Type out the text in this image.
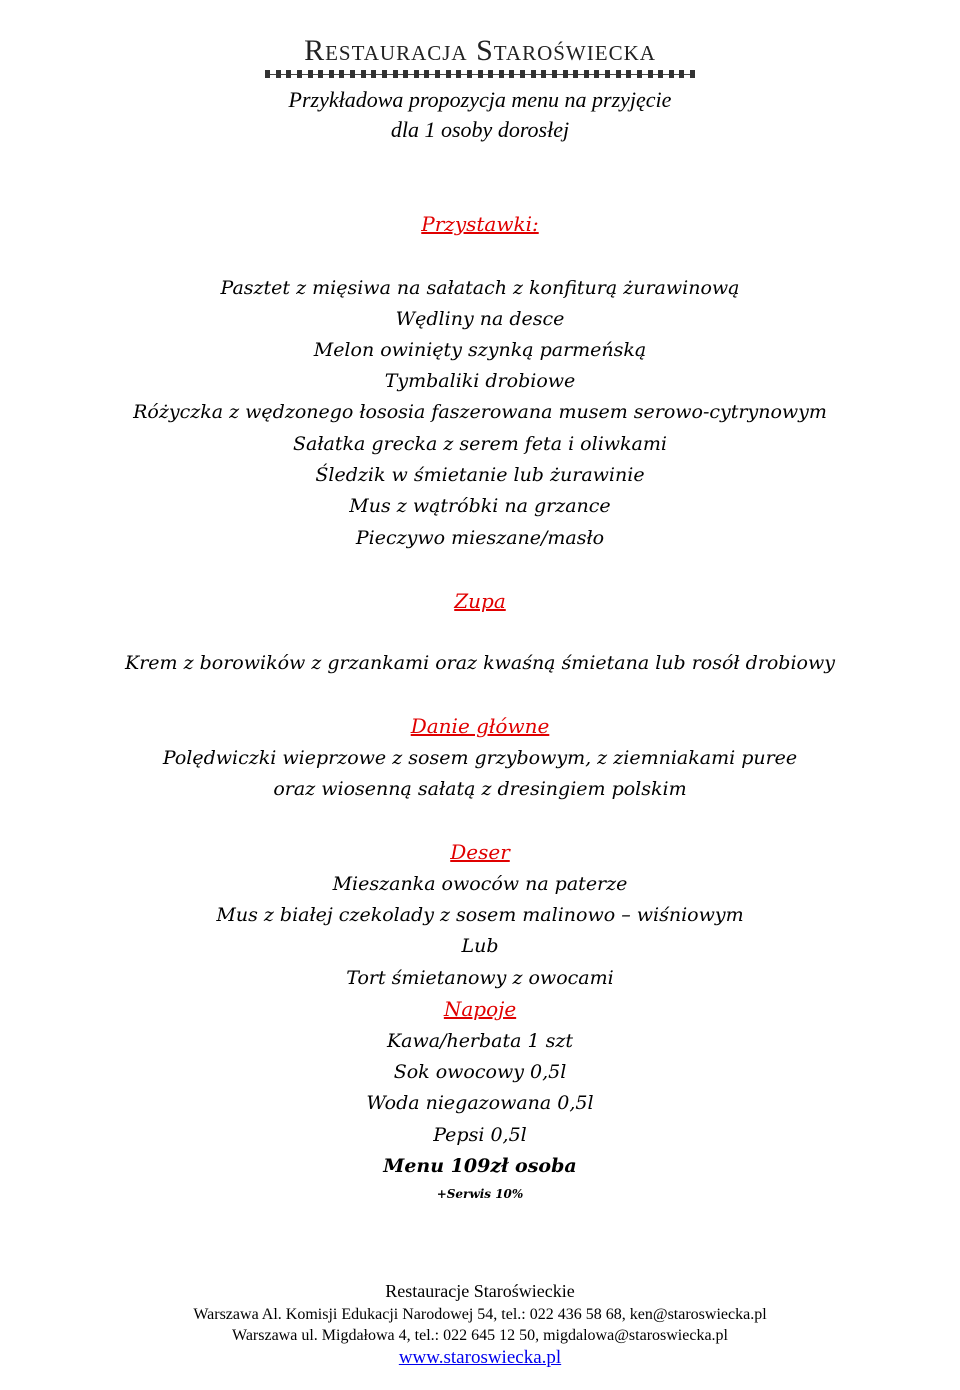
Restauracja Staroświecka
Przykładowa propozycja menu na przyjęcie
dla 1 osoby dorosłej
Przystawki:
Pasztet z mięsiwa na sałatach z konfiturą żurawinową
Wędliny na desce
Melon owinięty szynką parmeńską
Tymbaliki drobiowe
Różyczka z wędzonego łososia faszerowana musem serowo-cytrynowym
Sałatka grecka z serem feta i oliwkami
Śledzik w śmietanie lub żurawinie
Mus z wątróbki na grzance
Pieczywo mieszane/masło
Zupa
Krem z borowików z grzankami oraz kwaśną śmietana lub rosół drobiowy
Danie główne
Polędwiczki wieprzowe z sosem grzybowym, z ziemniakami puree
oraz wiosenną sałatą z dresingiem polskim
Deser
Mieszanka owoców na paterze
Mus z białej czekolady z sosem malinowo – wiśniowym
Lub
Tort śmietanowy z owocami
Napoje
Kawa/herbata 1 szt
Sok owocowy 0,5l
Woda niegazowana 0,5l
Pepsi 0,5l
Menu 109zł osoba
+Serwis 10%
Restauracje Staroświeckie
Warszawa Al. Komisji Edukacji Narodowej 54, tel.: 022 436 58 68, ken@staroswiecka.pl
Warszawa ul. Migdałowa 4, tel.: 022 645 12 50, migdalowa@staroswiecka.pl
www.staroswiecka.pl
